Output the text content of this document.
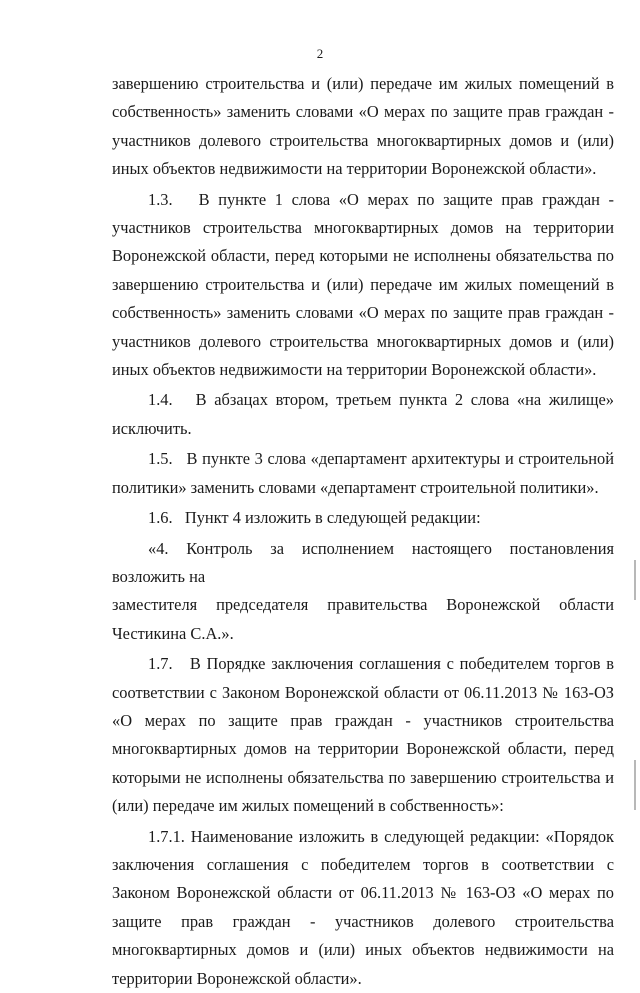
2

завершению строительства и (или) передаче им жилых помещений в собственность» заменить словами «О мерах по защите прав граждан - участников долевого строительства многоквартирных домов и (или) иных объектов недвижимости на территории Воронежской области».

1.3.   В пункте 1 слова «О мерах по защите прав граждан - участников строительства многоквартирных домов на территории Воронежской области, перед которыми не исполнены обязательства по завершению строительства и (или) передаче им жилых помещений в собственность» заменить словами «О мерах по защите прав граждан - участников долевого строительства многоквартирных домов и (или) иных объектов недвижимости на территории Воронежской области».

1.4.   В абзацах втором, третьем пункта 2 слова «на жилище» исключить.

1.5.   В пункте 3 слова «департамент архитектуры и строительной политики» заменить словами «департамент строительной политики».

1.6.   Пункт 4 изложить в следующей редакции:

«4. Контроль за исполнением настоящего постановления возложить на

заместителя председателя правительства Воронежской области

Честикина С.А.».

1.7.   В Порядке заключения соглашения с победителем торгов в соответствии с Законом Воронежской области от 06.11.2013 № 163-ОЗ «О мерах по защите прав граждан - участников строительства многоквартирных домов на территории Воронежской области, перед которыми не исполнены обязательства по завершению строительства и (или) передаче им жилых помещений в собственность»:

1.7.1. Наименование изложить в следующей редакции: «Порядок заключения соглашения с победителем торгов в соответствии с Законом Воронежской области от 06.11.2013 № 163-ОЗ «О мерах по защите прав граждан - участников долевого строительства многоквартирных домов и (или) иных объектов недвижимости на территории Воронежской области».
